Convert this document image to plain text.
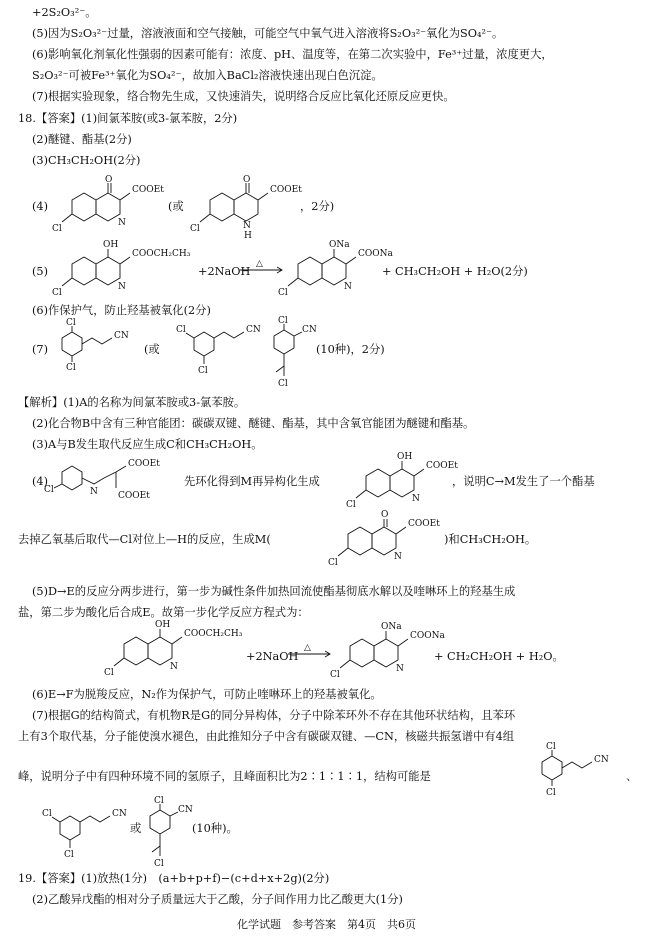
+2S₂O₃²⁻。
(5)因为S₂O₃²⁻过量，溶液液面和空气接触，可能空气中氧气进入溶液将S₂O₃²⁻氧化为SO₄²⁻。
(6)影响氧化剂氧化性强弱的因素可能有：浓度、pH、温度等，在第二次实验中，Fe³⁺过量，浓度更大，
S₂O₃²⁻可被Fe³⁺氧化为SO₄²⁻，故加入BaCl₂溶液快速出现白色沉淀。
(7)根据实验现象，络合物先生成，又快速消失，说明络合反应比氧化还原反应更快。
18.【答案】(1)间氯苯胺(或3-氯苯胺，2分)
(2)醚键、酯基(2分)
(3)CH₃CH₂OH(2分)
(4)
O
Cl
COOEt
N
(或
O
Cl
COOEt
N
H
，2分)
(5)
OH
Cl
COOCH₂CH₃
N
+2NaOH
△
ONa
Cl
COONa
N
+ CH₃CH₂OH + H₂O(2分)
(6)作保护气，防止羟基被氧化(2分)
(7)
Cl
Cl
CN
(或
Cl
Cl
CN
Cl
CN
Cl
(10种)，2分)
【解析】(1)A的名称为间氯苯胺或3-氯苯胺。
(2)化合物B中含有三种官能团：碳碳双键、醚键、酯基，其中含氧官能团为醚键和酯基。
(3)A与B发生取代反应生成C和CH₃CH₂OH。
(4)
Cl	N
COOEt
COOEt
先环化得到M再异构化生成
OH
Cl
COOEt
N
，说明C→M发生了一个酯基
去掉乙氧基后取代—Cl对位上—H的反应，生成M(
O
Cl
COOEt
N
)和CH₃CH₂OH。
(5)D→E的反应分两步进行，第一步为碱性条件加热回流使酯基彻底水解以及喹啉环上的羟基生成
盐，第二步为酸化后合成E。故第一步化学反应方程式为：
OH
Cl
COOCH₂CH₃
N
+2NaOH
△
ONa
Cl
COONa
N
+ CH₂CH₂OH + H₂O。
(6)E→F为脱羧反应，N₂作为保护气，可防止喹啉环上的羟基被氧化。
(7)根据G的结构简式，有机物R是G的同分异构体，分子中除苯环外不存在其他环状结构，且苯环
上有3个取代基，分子能使溴水褪色，由此推知分子中含有碳碳双键、—CN，核磁共振氢谱中有4组
峰，说明分子中有四种环境不同的氢原子，且峰面积比为2∶1∶1∶1，结构可能是
Cl
Cl
CN
、
Cl
Cl
CN
或
Cl
CN
Cl
(10种)。
19.【答案】(1)放热(1分)　(a+b+p+f)−(c+d+x+2g)(2分)
(2)乙酸异戊酯的相对分子质量远大于乙酸，分子间作用力比乙酸更大(1分)
化学试题　参考答案　第4页　共6页
